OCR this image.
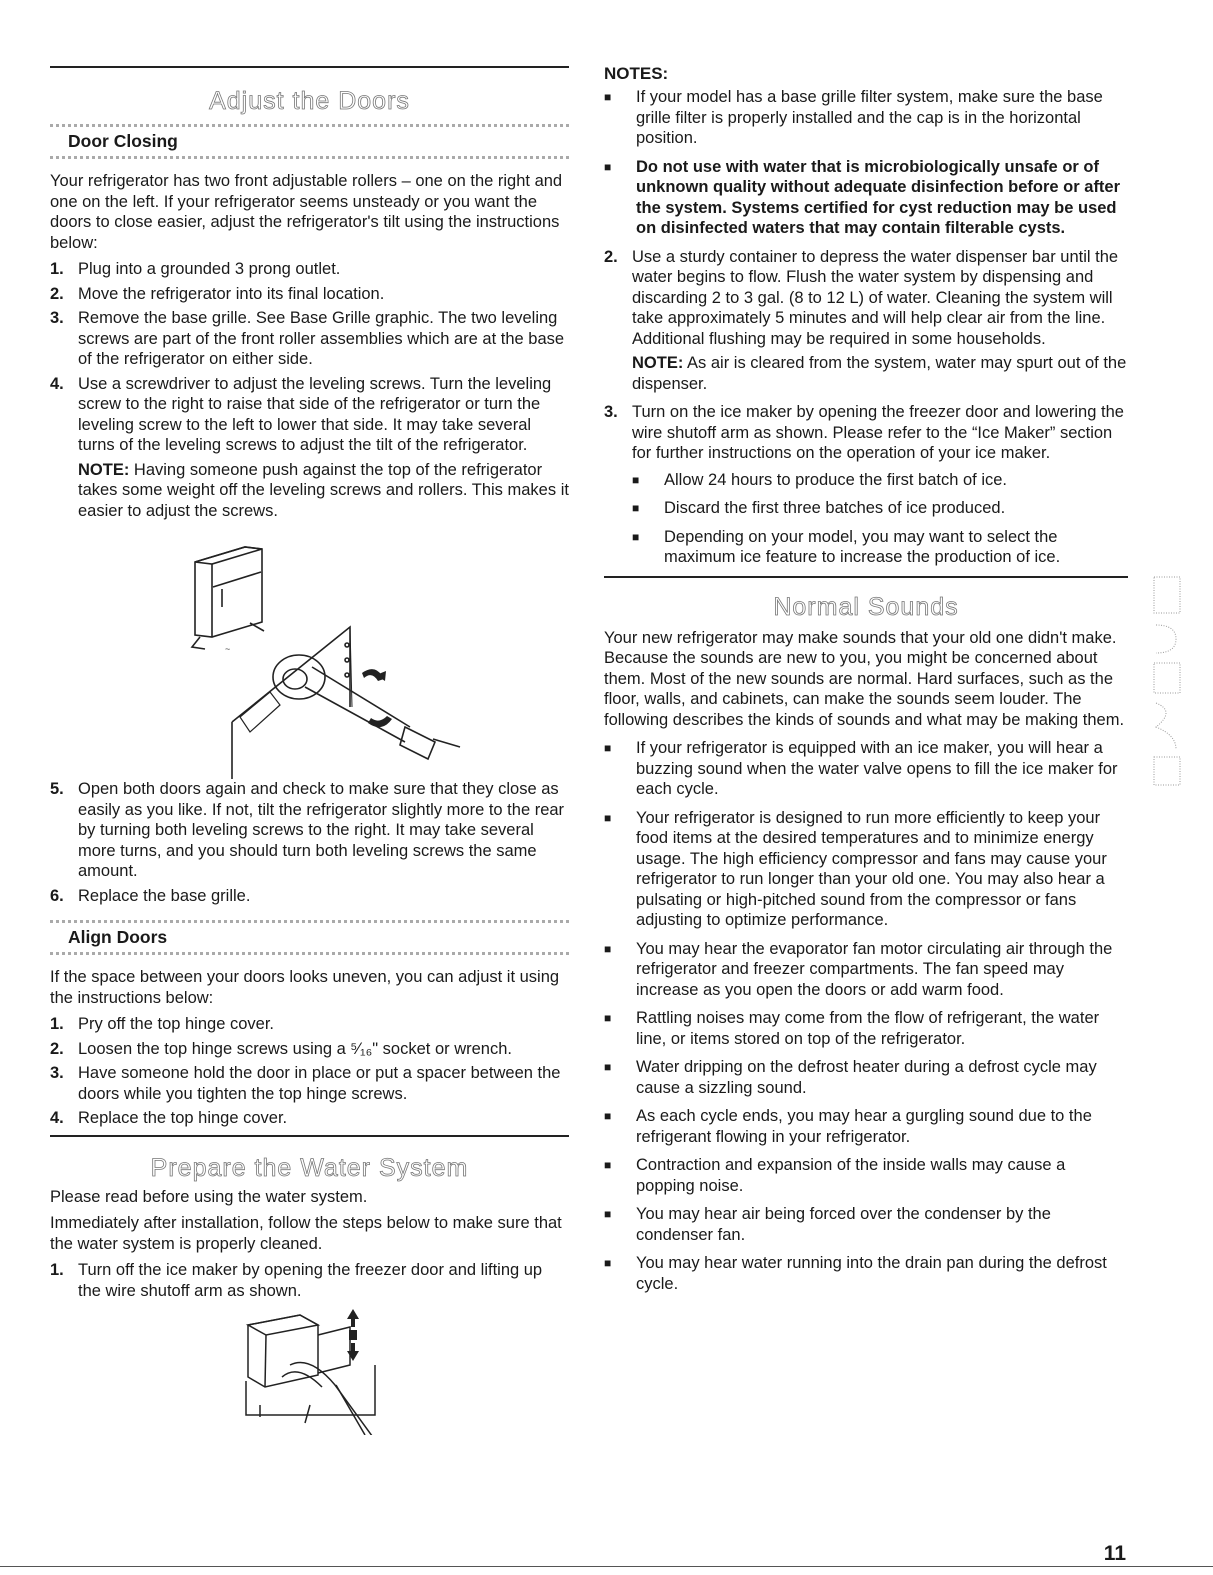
Adjust the Doors
Door Closing

Your refrigerator has two front adjustable rollers – one on the right and one on the left. If your refrigerator seems unsteady or you want the doors to close easier, adjust the refrigerator's tilt using the instructions below:

1. Plug into a grounded 3 prong outlet.
2. Move the refrigerator into its final location.
3. Remove the base grille. See Base Grille graphic. The two leveling screws are part of the front roller assemblies which are at the base of the refrigerator on either side.
4. Use a screwdriver to adjust the leveling screws. Turn the leveling screw to the right to raise that side of the refrigerator or turn the leveling screw to the left to lower that side. It may take several turns of the leveling screws to adjust the tilt of the refrigerator.

NOTE: Having someone push against the top of the refrigerator takes some weight off the leveling screws and rollers. This makes it easier to adjust the screws.

~
5. Open both doors again and check to make sure that they close as easily as you like. If not, tilt the refrigerator slightly more to the rear by turning both leveling screws to the right. It may take several more turns, and you should turn both leveling screws the same amount.
6. Replace the base grille.
Align Doors

If the space between your doors looks uneven, you can adjust it using the instructions below:

1. Pry off the top hinge cover.
2. Loosen the top hinge screws using a ⁵⁄₁₆" socket or wrench.
3. Have someone hold the door in place or put a spacer between the doors while you tighten the top hinge screws.
4. Replace the top hinge cover.
Prepare the Water System

Please read before using the water system.

Immediately after installation, follow the steps below to make sure that the water system is properly cleaned.

1. Turn off the ice maker by opening the freezer door and lifting up the wire shutoff arm as shown.

NOTES:

■ If your model has a base grille filter system, make sure the base grille filter is properly installed and the cap is in the horizontal position.
■ Do not use with water that is microbiologically unsafe or of unknown quality without adequate disinfection before or after the system. Systems certified for cyst reduction may be used on disinfected waters that may contain filterable cysts.
2. Use a sturdy container to depress the water dispenser bar until the water begins to flow. Flush the water system by dispensing and discarding 2 to 3 gal. (8 to 12 L) of water. Cleaning the system will take approximately 5 minutes and will help clear air from the line. Additional flushing may be required in some households.

NOTE: As air is cleared from the system, water may spurt out of the dispenser.

3. Turn on the ice maker by opening the freezer door and lowering the wire shutoff arm as shown. Please refer to the “Ice Maker” section for further instructions on the operation of your ice maker.
■ Allow 24 hours to produce the first batch of ice.
■ Discard the first three batches of ice produced.
■ Depending on your model, you may want to select the maximum ice feature to increase the production of ice.
Normal Sounds

Your new refrigerator may make sounds that your old one didn't make. Because the sounds are new to you, you might be concerned about them. Most of the new sounds are normal. Hard surfaces, such as the floor, walls, and cabinets, can make the sounds seem louder. The following describes the kinds of sounds and what may be making them.

■ If your refrigerator is equipped with an ice maker, you will hear a buzzing sound when the water valve opens to fill the ice maker for each cycle.
■ Your refrigerator is designed to run more efficiently to keep your food items at the desired temperatures and to minimize energy usage. The high efficiency compressor and fans may cause your refrigerator to run longer than your old one. You may also hear a pulsating or high-pitched sound from the compressor or fans adjusting to optimize performance.
■ You may hear the evaporator fan motor circulating air through the refrigerator and freezer compartments. The fan speed may increase as you open the doors or add warm food.
■ Rattling noises may come from the flow of refrigerant, the water line, or items stored on top of the refrigerator.
■ Water dripping on the defrost heater during a defrost cycle may cause a sizzling sound.
■ As each cycle ends, you may hear a gurgling sound due to the refrigerant flowing in your refrigerator.
■ Contraction and expansion of the inside walls may cause a popping noise.
■ You may hear air being forced over the condenser by the condenser fan.
■ You may hear water running into the drain pan during the defrost cycle.
11
